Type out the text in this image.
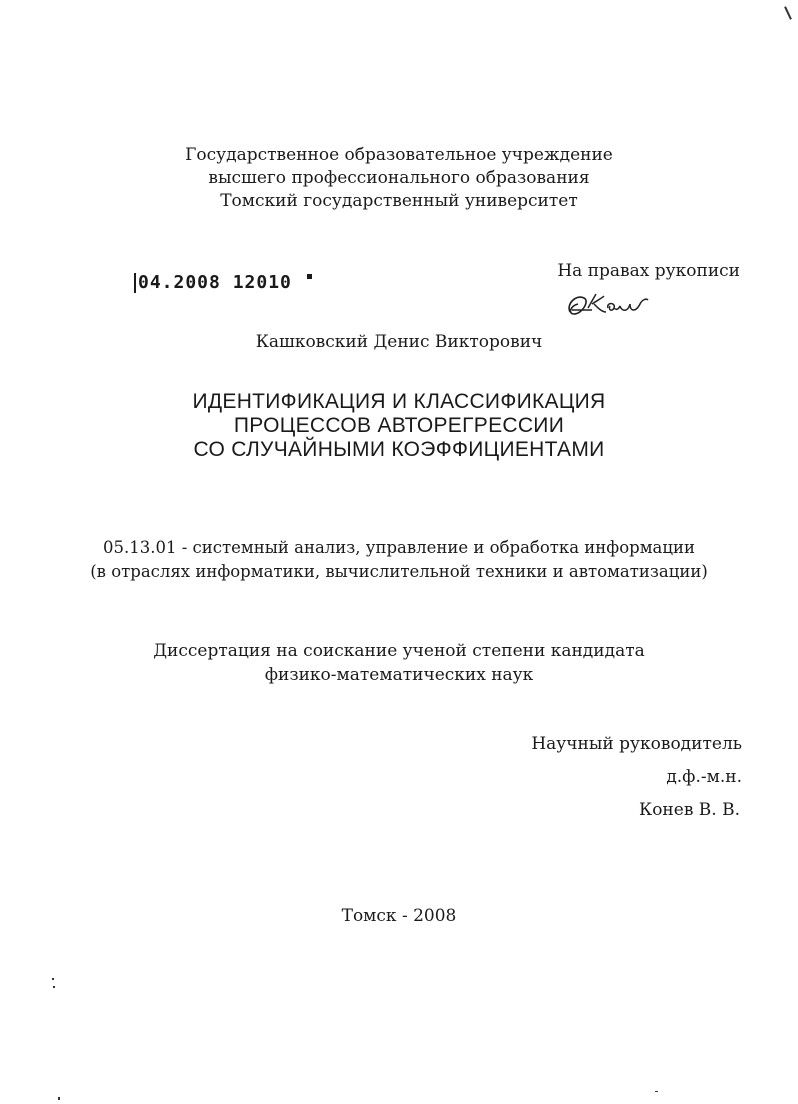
Государственное образовательное учреждение
высшего профессионального образования
Томский государственный университет
04.2008 12010
На правах рукописи
Кашковский Денис Викторович
ИДЕНТИФИКАЦИЯ И КЛАССИФИКАЦИЯ
ПРОЦЕССОВ АВТОРЕГРЕССИИ
СО СЛУЧАЙНЫМИ КОЭФФИЦИЕНТАМИ
05.13.01 - системный анализ, управление и обработка информации
(в отраслях информатики, вычислительной техники и автоматизации)
Диссертация на соискание ученой степени кандидата
физико-математических наук
Научный руководитель
д.ф.-м.н.
Конев В. В.
Томск - 2008
